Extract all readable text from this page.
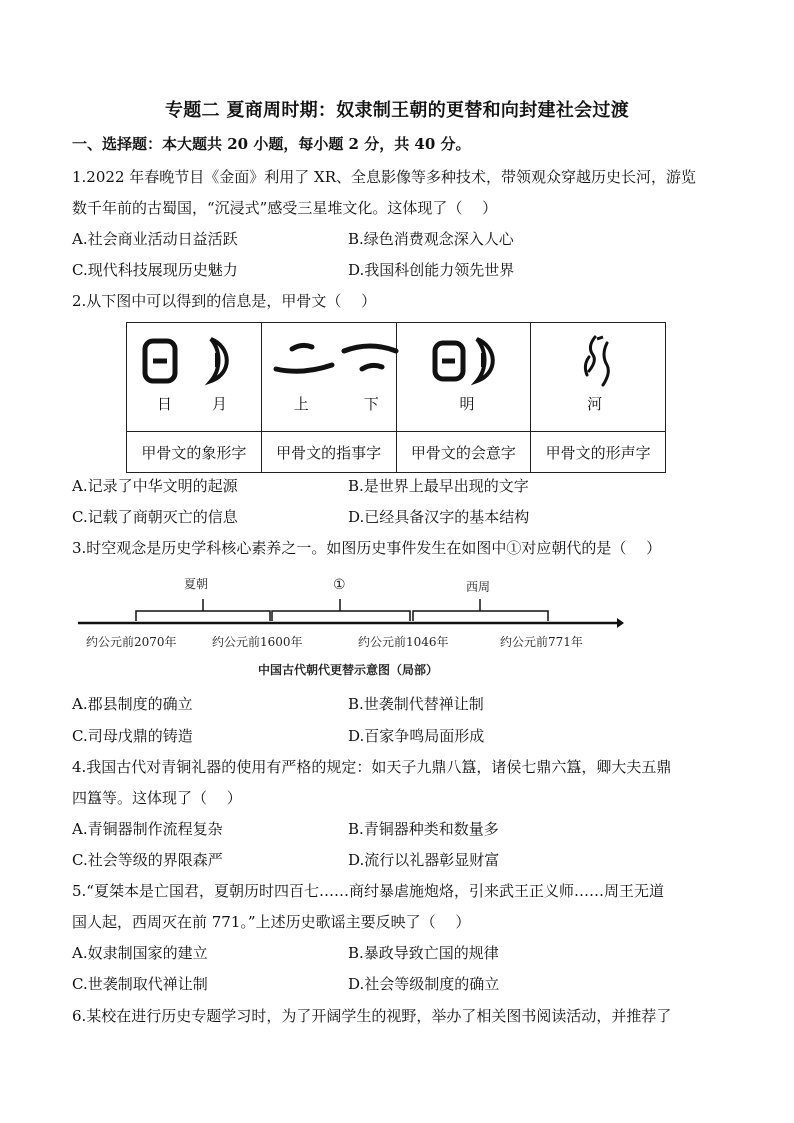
专题二 夏商周时期：奴隶制王朝的更替和向封建社会过渡
一、选择题：本大题共 20 小题，每小题 2 分，共 40 分。
1.2022 年春晚节目《金面》利用了 XR、全息影像等多种技术，带领观众穿越历史长河，游览
数千年前的古蜀国，“沉浸式”感受三星堆文化。这体现了（　 ）
A.社会商业活动日益活跃	B.绿色消费观念深入人心
C.现代科技展现历史魅力	D.我国科创能力领先世界
2.从下图中可以得到的信息是，甲骨文（　 ）
日 月	上 下	明	河

甲骨文的象形字	甲骨文的指事字	甲骨文的会意字	甲骨文的形声字
A.记录了中华文明的起源	B.是世界上最早出现的文字
C.记载了商朝灭亡的信息	D.已经具备汉字的基本结构
3.时空观念是历史学科核心素养之一。如图历史事件发生在如图中①对应朝代的是（　 ）
夏朝	①	西周
约公元前2070年	约公元前1600年	约公元前1046年	约公元前771年
中国古代朝代更替示意图（局部）
A.郡县制度的确立	B.世袭制代替禅让制
C.司母戊鼎的铸造	D.百家争鸣局面形成
4.我国古代对青铜礼器的使用有严格的规定：如天子九鼎八簋，诸侯七鼎六簋，卿大夫五鼎
四簋等。这体现了（　 ）
A.青铜器制作流程复杂	B.青铜器种类和数量多
C.社会等级的界限森严	D.流行以礼器彰显财富
5.“夏桀本是亡国君，夏朝历时四百七……商纣暴虐施炮烙，引来武王正义师……周王无道
国人起，西周灭在前 771。”上述历史歌谣主要反映了（　 ）
A.奴隶制国家的建立	B.暴政导致亡国的规律
C.世袭制取代禅让制	D.社会等级制度的确立
6.某校在进行历史专题学习时，为了开阔学生的视野，举办了相关图书阅读活动，并推荐了
